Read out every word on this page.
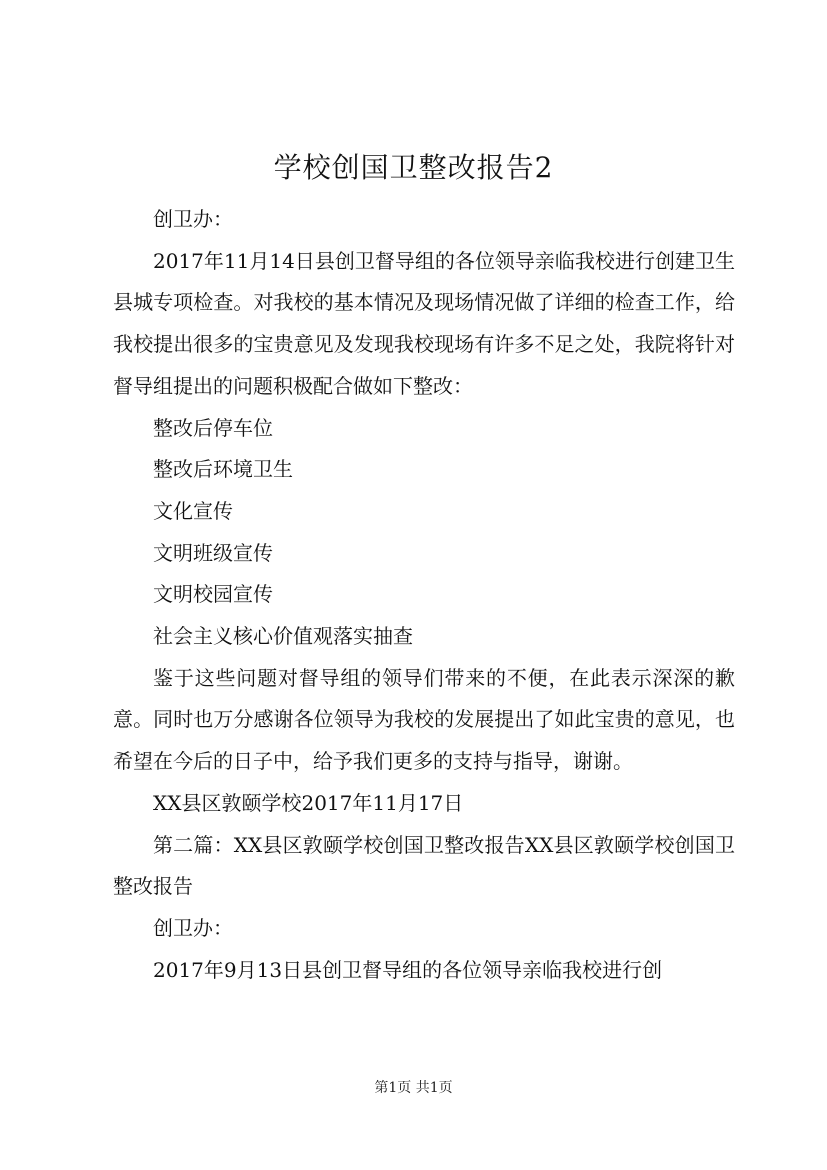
学校创国卫整改报告2

创卫办：

2017年11月14日县创卫督导组的各位领导亲临我校进行创建卫生县城专项检查。对我校的基本情况及现场情况做了详细的检查工作，给我校提出很多的宝贵意见及发现我校现场有许多不足之处，我院将针对督导组提出的问题积极配合做如下整改：

整改后停车位

整改后环境卫生

文化宣传

文明班级宣传

文明校园宣传

社会主义核心价值观落实抽查

鉴于这些问题对督导组的领导们带来的不便，在此表示深深的歉意。同时也万分感谢各位领导为我校的发展提出了如此宝贵的意见，也希望在今后的日子中，给予我们更多的支持与指导，谢谢。

XX县区敦颐学校2017年11月17日

第二篇：XX县区敦颐学校创国卫整改报告XX县区敦颐学校创国卫整改报告

创卫办：

2017年9月13日县创卫督导组的各位领导亲临我校进行创

第1页 共1页
